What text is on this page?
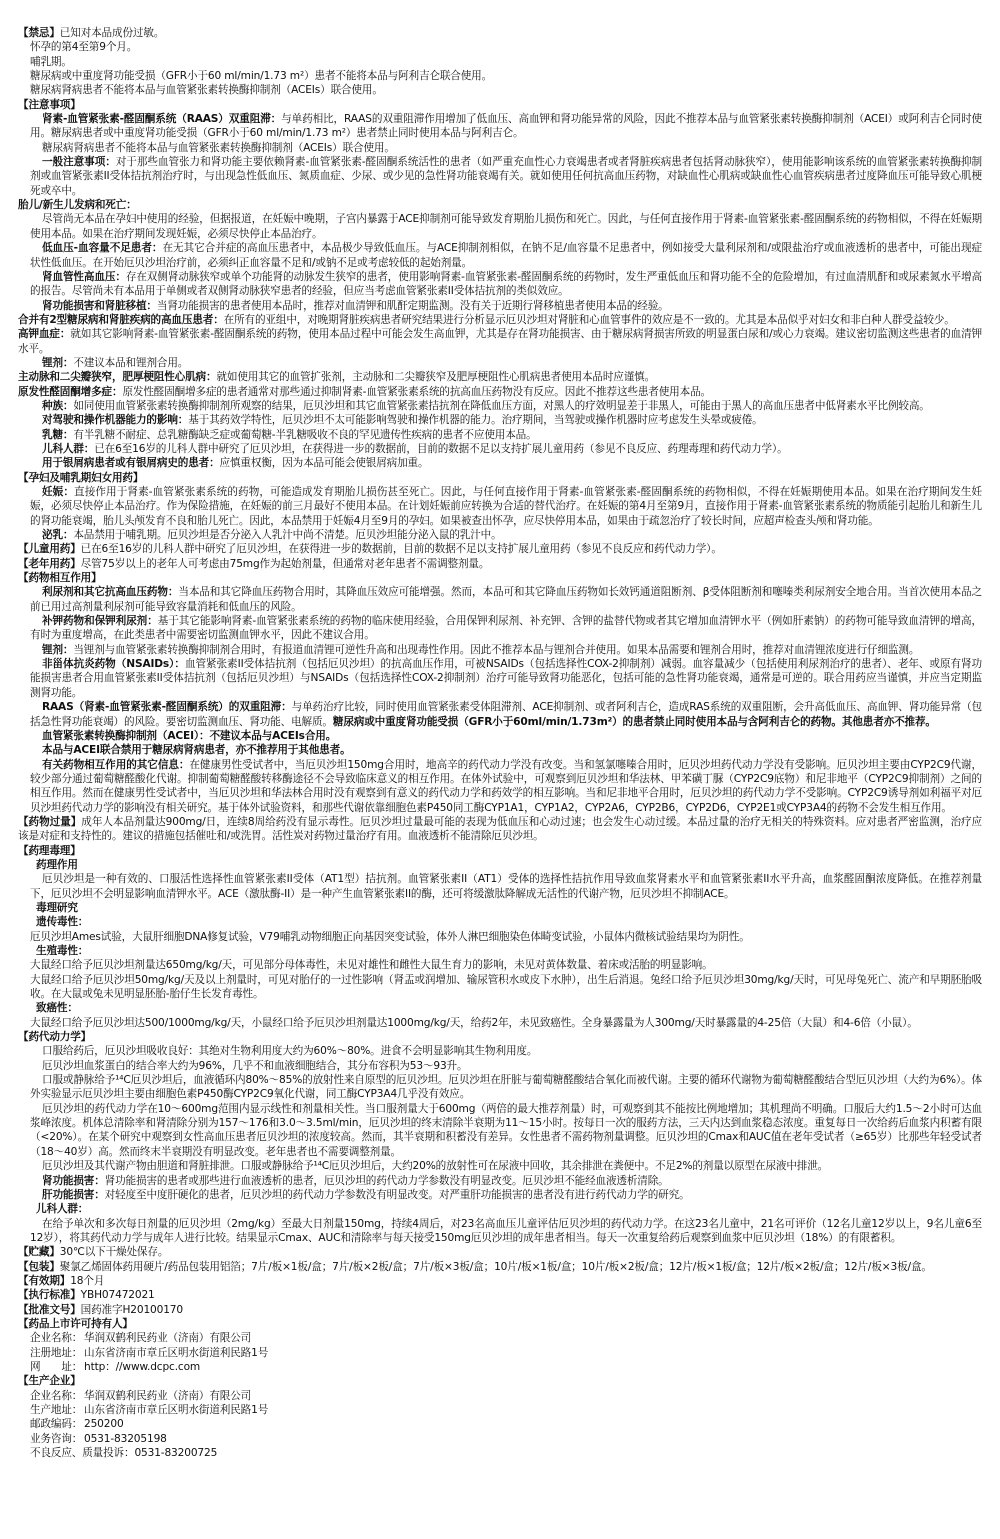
【禁忌】已知对本品成份过敏。

怀孕的第4至第9个月。

哺乳期。

糖尿病或中重度肾功能受损（GFR小于60 ml/min/1.73 m²）患者不能将本品与阿利吉仑联合使用。

糖尿病肾病患者不能将本品与血管紧张素转换酶抑制剂（ACEIs）联合使用。

【注意事项】

肾素-血管紧张素-醛固酮系统（RAAS）双重阻滞：与单药相比，RAAS的双重阻滞作用增加了低血压、高血钾和肾功能异常的风险，因此不推荐本品与血管紧张素转换酶抑制剂（ACEI）或阿利吉仑同时使用。糖尿病患者或中重度肾功能受损（GFR小于60 ml/min/1.73 m²）患者禁止同时使用本品与阿利吉仑。

糖尿病肾病患者不能将本品与血管紧张素转换酶抑制剂（ACEIs）联合使用。

一般注意事项：对于那些血管张力和肾功能主要依赖肾素-血管紧张素-醛固酮系统活性的患者（如严重充血性心力衰竭患者或者肾脏疾病患者包括肾动脉狭窄），使用能影响该系统的血管紧张素转换酶抑制剂或血管紧张素II受体拮抗剂治疗时，与出现急性低血压、氮质血症、少尿、或少见的急性肾功能衰竭有关。就如使用任何抗高血压药物，对缺血性心肌病或缺血性心血管疾病患者过度降血压可能导致心肌梗死或卒中。

胎儿/新生儿发病和死亡：

尽管尚无本品在孕妇中使用的经验，但据报道，在妊娠中晚期，子宫内暴露于ACE抑制剂可能导致发育期胎儿损伤和死亡。因此，与任何直接作用于肾素-血管紧张素-醛固酮系统的药物相似，不得在妊娠期使用本品。如果在治疗期间发现妊娠，必须尽快停止本品治疗。

低血压-血容量不足患者：在无其它合并症的高血压患者中，本品极少导致低血压。与ACE抑制剂相似，在钠不足/血容量不足患者中，例如接受大量利尿剂和/或限盐治疗或血液透析的患者中，可能出现症状性低血压。在开始厄贝沙坦治疗前，必须纠正血容量不足和/或钠不足或考虑较低的起始剂量。

肾血管性高血压：存在双侧肾动脉狭窄或单个功能肾的动脉发生狭窄的患者，使用影响肾素-血管紧张素-醛固酮系统的药物时，发生严重低血压和肾功能不全的危险增加，有过血清肌酐和或尿素氮水平增高的报告。尽管尚未有本品用于单侧或者双侧肾动脉狭窄患者的经验，但应当考虑血管紧张素II受体拮抗剂的类似效应。

肾功能损害和肾脏移植：当肾功能损害的患者使用本品时，推荐对血清钾和肌酐定期监测。没有关于近期行肾移植患者使用本品的经验。

合并有2型糖尿病和肾脏疾病的高血压患者：在所有的亚组中，对晚期肾脏疾病患者研究结果进行分析显示厄贝沙坦对肾脏和心血管事件的效应是不一致的。尤其是本品似乎对妇女和非白种人群受益较少。

高钾血症：就如其它影响肾素-血管紧张素-醛固酮系统的药物，使用本品过程中可能会发生高血钾，尤其是存在肾功能损害、由于糖尿病肾损害所致的明显蛋白尿和/或心力衰竭。建议密切监测这些患者的血清钾水平。

锂剂：不建议本品和锂剂合用。

主动脉和二尖瓣狭窄，肥厚梗阻性心肌病：就如使用其它的血管扩张剂，主动脉和二尖瓣狭窄及肥厚梗阻性心肌病患者使用本品时应谨慎。

原发性醛固酮增多症：原发性醛固酮增多症的患者通常对那些通过抑制肾素-血管紧张素系统的抗高血压药物没有反应。因此不推荐这些患者使用本品。

种族：如同使用血管紧张素转换酶抑制剂所观察的结果，厄贝沙坦和其它血管紧张素拮抗剂在降低血压方面，对黑人的疗效明显差于非黑人，可能由于黑人的高血压患者中低肾素水平比例较高。

对驾驶和操作机器能力的影响：基于其药效学特性，厄贝沙坦不太可能影响驾驶和操作机器的能力。治疗期间，当驾驶或操作机器时应考虑发生头晕或疲倦。

乳糖：有半乳糖不耐症、总乳糖酶缺乏症或葡萄糖-半乳糖吸收不良的罕见遗传性疾病的患者不应使用本品。

儿科人群：已在6至16岁的儿科人群中研究了厄贝沙坦，在获得进一步的数据前，目前的数据不足以支持扩展儿童用药（参见不良反应、药理毒理和药代动力学）。

用于银屑病患者或有银屑病史的患者：应慎重权衡，因为本品可能会使银屑病加重。

【孕妇及哺乳期妇女用药】

妊娠：直接作用于肾素-血管紧张素系统的药物，可能造成发育期胎儿损伤甚至死亡。因此，与任何直接作用于肾素-血管紧张素-醛固酮系统的药物相似，不得在妊娠期使用本品。如果在治疗期间发生妊娠，必须尽快停止本品治疗。作为保险措施，在妊娠的前三月最好不使用本品。在计划妊娠前应转换为合适的替代治疗。在妊娠的第4月至第9月，直接作用于肾素-血管紧张素系统的物质能引起胎儿和新生儿的肾功能衰竭，胎儿头颅发育不良和胎儿死亡。因此，本品禁用于妊娠4月至9月的孕妇。如果被查出怀孕，应尽快停用本品，如果由于疏忽治疗了较长时间，应超声检查头颅和肾功能。

泌乳：本品禁用于哺乳期。厄贝沙坦是否分泌入人乳汁中尚不清楚。厄贝沙坦能分泌入鼠的乳汁中。

【儿童用药】已在6至16岁的儿科人群中研究了厄贝沙坦，在获得进一步的数据前，目前的数据不足以支持扩展儿童用药（参见不良反应和药代动力学）。

【老年用药】尽管75岁以上的老年人可考虑由75mg作为起始剂量，但通常对老年患者不需调整剂量。

【药物相互作用】

利尿剂和其它抗高血压药物：当本品和其它降血压药物合用时，其降血压效应可能增强。然而，本品可和其它降血压药物如长效钙通道阻断剂、β受体阻断剂和噻嗪类利尿剂安全地合用。当首次使用本品之前已用过高剂量利尿剂可能导致容量消耗和低血压的风险。

补钾药物和保钾利尿剂：基于其它能影响肾素-血管紧张素系统的药物的临床使用经验，合用保钾利尿剂、补充钾、含钾的盐替代物或者其它增加血清钾水平（例如肝素钠）的药物可能导致血清钾的增高，有时为重度增高，在此类患者中需要密切监测血钾水平，因此不建议合用。

锂剂：当锂剂与血管紧张素转换酶抑制剂合用时，有报道血清锂可逆性升高和出现毒性作用。因此不推荐本品与锂剂合并使用。如果本品需要和锂剂合用时，推荐对血清锂浓度进行仔细监测。

非甾体抗炎药物（NSAIDs）：血管紧张素II受体拮抗剂（包括厄贝沙坦）的抗高血压作用，可被NSAIDs（包括选择性COX-2抑制剂）减弱。血容量减少（包括使用利尿剂治疗的患者）、老年、或原有肾功能损害患者合用血管紧张素II受体拮抗剂（包括厄贝沙坦）与NSAIDs（包括选择性COX-2抑制剂）治疗可能导致肾功能恶化，包括可能的急性肾功能衰竭，通常是可逆的。联合用药应当谨慎，并应当定期监测肾功能。

RAAS（肾素-血管紧张素-醛固酮系统）的双重阻滞：与单药治疗比较，同时使用血管紧张素受体阻滞剂、ACE抑制剂、或者阿利吉仑，造成RAS系统的双重阻断，会升高低血压、高血钾、肾功能异常（包括急性肾功能衰竭）的风险。要密切监测血压、肾功能、电解质。糖尿病或中重度肾功能受损（GFR小于60ml/min/1.73m²）的患者禁止同时使用本品与含阿利吉仑的药物。其他患者亦不推荐。

血管紧张素转换酶抑制剂（ACEI）：不建议本品与ACEIs合用。

本品与ACEI联合禁用于糖尿病肾病患者，亦不推荐用于其他患者。

有关药物相互作用的其它信息：在健康男性受试者中，当厄贝沙坦150mg合用时，地高辛的药代动力学没有改变。当和氢氯噻嗪合用时，厄贝沙坦药代动力学没有受影响。厄贝沙坦主要由CYP2C9代谢，较少部分通过葡萄糖醛酸化代谢。抑制葡萄糖醛酸转移酶途径不会导致临床意义的相互作用。在体外试验中，可观察到厄贝沙坦和华法林、甲苯磺丁脲（CYP2C9底物）和尼非地平（CYP2C9抑制剂）之间的相互作用。然而在健康男性受试者中，当厄贝沙坦和华法林合用时没有观察到有意义的药代动力学和药效学的相互影响。当和尼非地平合用时，厄贝沙坦的药代动力学不受影响。CYP2C9诱导剂如利福平对厄贝沙坦药代动力学的影响没有相关研究。基于体外试验资料，和那些代谢依靠细胞色素P450同工酶CYP1A1，CYP1A2，CYP2A6，CYP2B6，CYP2D6，CYP2E1或CYP3A4的药物不会发生相互作用。

【药物过量】成年人本品剂量达900mg/日，连续8周给药没有显示毒性。厄贝沙坦过量最可能的表现为低血压和心动过速；也会发生心动过缓。本品过量的治疗无相关的特殊资料。应对患者严密监测，治疗应该是对症和支持性的。建议的措施包括催吐和/或洗胃。活性炭对药物过量治疗有用。血液透析不能清除厄贝沙坦。

【药理毒理】

药理作用

厄贝沙坦是一种有效的、口服活性选择性血管紧张素II受体（AT1型）拮抗剂。血管紧张素II（AT1）受体的选择性拮抗作用导致血浆肾素水平和血管紧张素II水平升高，血浆醛固酮浓度降低。在推荐剂量下，厄贝沙坦不会明显影响血清钾水平。ACE（激肽酶-II）是一种产生血管紧张素II的酶，还可将缓激肽降解成无活性的代谢产物，厄贝沙坦不抑制ACE。

毒理研究

遗传毒性：

厄贝沙坦Ames试验，大鼠肝细胞DNA修复试验，V79哺乳动物细胞正向基因突变试验，体外人淋巴细胞染色体畸变试验，小鼠体内微核试验结果均为阴性。

生殖毒性：

大鼠经口给予厄贝沙坦剂量达650mg/kg/天，可见部分母体毒性，未见对雄性和雌性大鼠生育力的影响，未见对黄体数量、着床或活胎的明显影响。

大鼠经口给予厄贝沙坦50mg/kg/天及以上剂量时，可见对胎仔的一过性影响（肾盂或润增加、输尿管积水或皮下水肿），出生后消退。兔经口给予厄贝沙坦30mg/kg/天时，可见母兔死亡、流产和早期胚胎吸收。在大鼠或兔未见明显胚胎-胎仔生长发育毒性。

致癌性：

大鼠经口给予厄贝沙坦达500/1000mg/kg/天，小鼠经口给予厄贝沙坦剂量达1000mg/kg/天，给药2年，未见致癌性。全身暴露量为人300mg/天时暴露量的4-25倍（大鼠）和4-6倍（小鼠）。

【药代动力学】

口服给药后，厄贝沙坦吸收良好：其绝对生物利用度大约为60%～80%。进食不会明显影响其生物利用度。

厄贝沙坦血浆蛋白的结合率大约为96%，几乎不和血液细胞结合，其分布容积为53～93升。

口服或静脉给予¹⁴C厄贝沙坦后，血液循环内80%～85%的放射性来自原型的厄贝沙坦。厄贝沙坦在肝脏与葡萄糖醛酸结合氧化而被代谢。主要的循环代谢物为葡萄糖醛酸结合型厄贝沙坦（大约为6%）。体外实验显示厄贝沙坦主要由细胞色素P450酶CYP2C9氧化代谢，同工酶CYP3A4几乎没有效应。

厄贝沙坦的药代动力学在10～600mg范围内显示线性和剂量相关性。当口服剂量大于600mg（两倍的最大推荐剂量）时，可观察到其不能按比例地增加；其机理尚不明确。口服后大约1.5～2小时可达血浆峰浓度。机体总清除率和肾清除分别为157～176和3.0～3.5ml/min，厄贝沙坦的终末清除半衰期为11～15小时。按每日一次的服药方法，三天内达到血浆稳态浓度。重复每日一次给药后血浆内积蓄有限（<20%）。在某个研究中观察到女性高血压患者厄贝沙坦的浓度较高。然而，其半衰期和积蓄没有差异。女性患者不需药物剂量调整。厄贝沙坦的Cmax和AUC值在老年受试者（≥65岁）比那些年轻受试者（18～40岁）高。然而终末半衰期没有明显改变。老年患者也不需要调整剂量。

厄贝沙坦及其代谢产物由胆道和肾脏排泄。口服或静脉给予¹⁴C厄贝沙坦后，大约20%的放射性可在尿液中回收，其余排泄在粪便中。不足2%的剂量以原型在尿液中排泄。

肾功能损害：肾功能损害的患者或那些进行血液透析的患者，厄贝沙坦的药代动力学参数没有明显改变。厄贝沙坦不能经血液透析清除。

肝功能损害：对轻度至中度肝硬化的患者，厄贝沙坦的药代动力学参数没有明显改变。对严重肝功能损害的患者没有进行药代动力学的研究。

儿科人群：

在给予单次和多次每日剂量的厄贝沙坦（2mg/kg）至最大日剂量150mg，持续4周后，对23名高血压儿童评估厄贝沙坦的药代动力学。在这23名儿童中，21名可评价（12名儿童12岁以上，9名儿童6至12岁），将其药代动力学与成年人进行比较。结果显示Cmax、AUC和清除率与每天接受150mg厄贝沙坦的成年患者相当。每天一次重复给药后观察到血浆中厄贝沙坦（18%）的有限蓄积。

【贮藏】30℃以下干燥处保存。

【包装】聚氯乙烯固体药用硬片/药品包装用铝箔；7片/板×1板/盒；7片/板×2板/盒；7片/板×3板/盒；10片/板×1板/盒；10片/板×2板/盒；12片/板×1板/盒；12片/板×2板/盒；12片/板×3板/盒。

【有效期】18个月

【执行标准】YBH07472021

【批准文号】国药准字H20100170

【药品上市许可持有人】

企业名称： 华润双鹤利民药业（济南）有限公司

注册地址： 山东省济南市章丘区明水街道利民路1号

网　　址： http：//www.dcpc.com

【生产企业】

企业名称： 华润双鹤利民药业（济南）有限公司

生产地址： 山东省济南市章丘区明水街道利民路1号

邮政编码： 250200

业务咨询： 0531-83205198

不良反应、质量投诉：0531-83200725
